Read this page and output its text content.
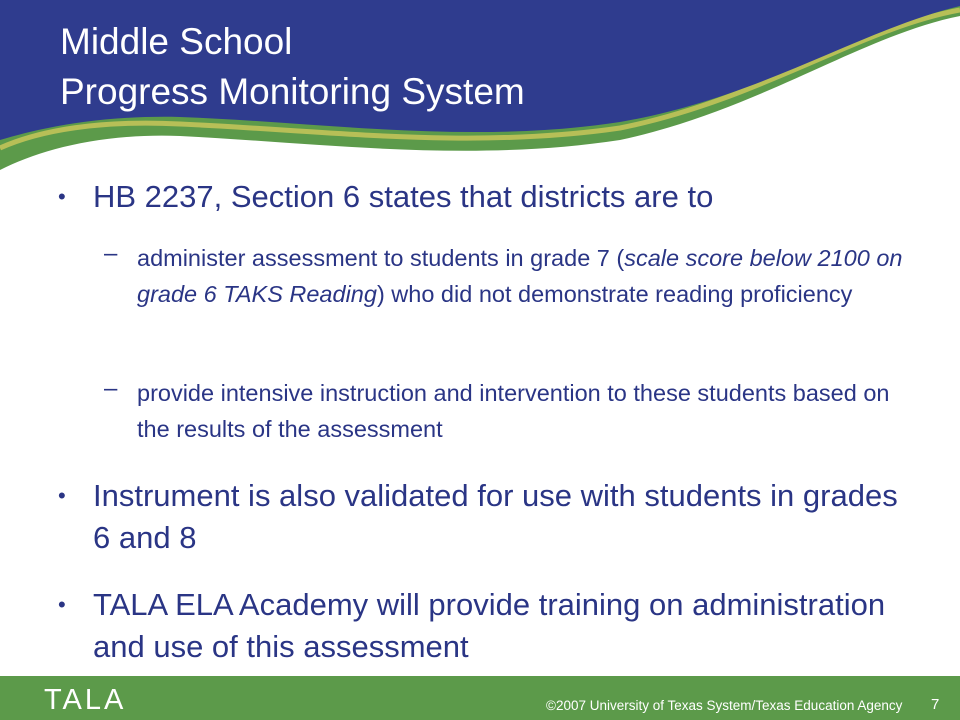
Middle School
Progress Monitoring System
• HB 2237, Section 6 states that districts are to
– administer assessment to students in grade 7 (scale score below 2100 on grade 6 TAKS Reading) who did not demonstrate reading proficiency
– provide intensive instruction and intervention to these students based on the results of the assessment
• Instrument is also validated for use with students in grades 6 and 8
• TALA ELA Academy will provide training on administration and use of this assessment
TALA	©2007 University of Texas System/Texas Education Agency 7
